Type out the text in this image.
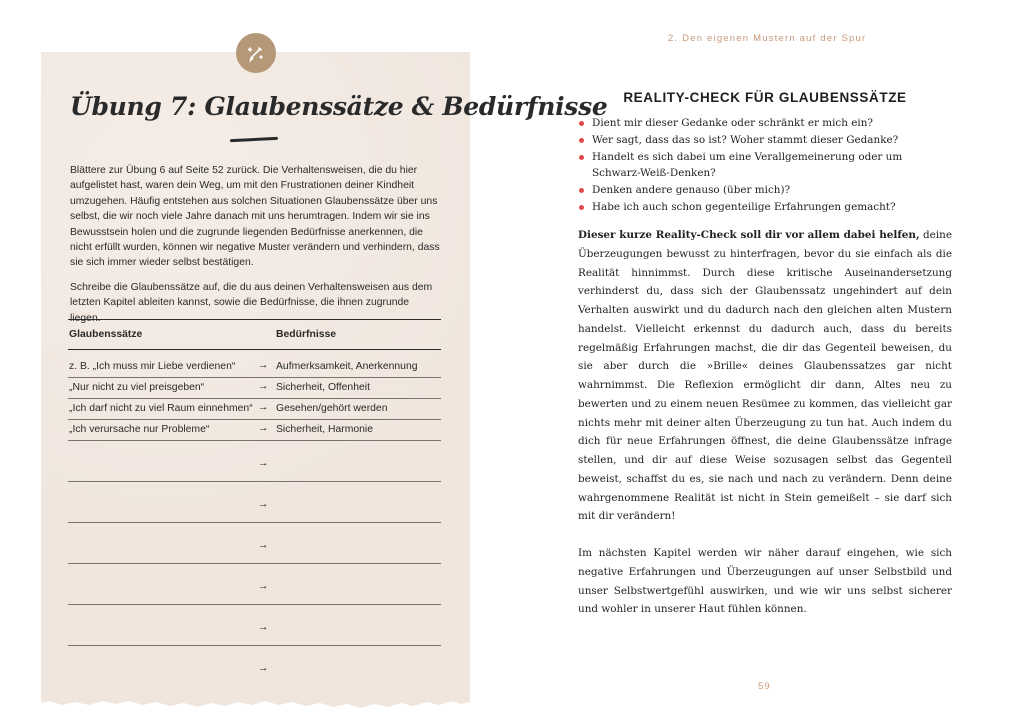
Übung 7: Glaubenssätze & Bedürfnisse

Blättere zur Übung 6 auf Seite 52 zurück. Die Verhaltensweisen, die du hier aufgelistet hast, waren dein Weg, um mit den Frustrationen deiner Kindheit umzugehen. Häufig entstehen aus solchen Situationen Glaubenssätze über uns selbst, die wir noch viele Jahre danach mit uns herumtragen. Indem wir sie ins Bewusstsein holen und die zugrunde liegenden Bedürfnisse anerkennen, die nicht erfüllt wurden, können wir negative Muster verändern und verhindern, dass sie sich immer wieder selbst bestätigen.

Schreibe die Glaubenssätze auf, die du aus deinen Verhaltensweisen aus dem letzten Kapitel ableiten kannst, sowie die Bedürfnisse, die ihnen zugrunde liegen.

Glaubenssätze	Bedürfnisse
z. B. „Ich muss mir Liebe verdienen“ → Aufmerksamkeit, Anerkennung
„Nur nicht zu viel preisgeben“	→ Sicherheit, Offenheit
„Ich darf nicht zu viel Raum einnehmen“ → Gesehen/gehört werden
„Ich verursache nur Probleme“	→ Sicherheit, Harmonie
→
→
→
→
→
→
2. Den eigenen Mustern auf der Spur
REALITY-CHECK FÜR GLAUBENSSÄTZE
Dient mir dieser Gedanke oder schränkt er mich ein?
Wer sagt, dass das so ist? Woher stammt dieser Gedanke?
Handelt es sich dabei um eine Verallgemeinerung oder um Schwarz-Weiß-Denken?
Denken andere genauso (über mich)?
Habe ich auch schon gegenteilige Erfahrungen gemacht?

Dieser kurze Reality-Check soll dir vor allem dabei helfen, deine Überzeugungen bewusst zu hinterfragen, bevor du sie einfach als die Realität hinnimmst. Durch diese kritische Auseinandersetzung verhinderst du, dass sich der Glaubenssatz ungehindert auf dein Verhalten auswirkt und du dadurch nach den gleichen alten Mustern handelst. Vielleicht erkennst du dadurch auch, dass du bereits regelmäßig Erfahrungen machst, die dir das Gegenteil beweisen, du sie aber durch die »Brille« deines Glaubenssatzes gar nicht wahrnimmst. Die Reflexion ermöglicht dir dann, Altes neu zu bewerten und zu einem neuen Resümee zu kommen, das vielleicht gar nichts mehr mit deiner alten Überzeugung zu tun hat. Auch indem du dich für neue Erfahrungen öffnest, die deine Glaubenssätze infrage stellen, und dir auf diese Weise sozusagen selbst das Gegenteil beweist, schaffst du es, sie nach und nach zu verändern. Denn deine wahrgenommene Realität ist nicht in Stein gemeißelt – sie darf sich mit dir verändern!

Im nächsten Kapitel werden wir näher darauf eingehen, wie sich negative Erfahrungen und Überzeugungen auf unser Selbstbild und unser Selbstwertgefühl auswirken, und wie wir uns selbst sicherer und wohler in unserer Haut fühlen können.

59
